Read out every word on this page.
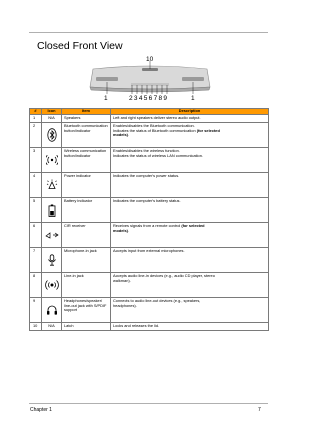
Closed Front View
10
1	23456789	1
#	Icon	Item	Description
1	N/A	Speakers	Left and right speakers deliver stereo audio output.

2		Bluetooth communication
button/indicator	Enables/disables the Bluetooth communication.
Indicates the status of Bluetooth communication (for selected
models).

3		Wireless communication
button/indicator	Enables/disables the wireless function.
Indicates the status of wireless LAN communication.

4		Power indicator	Indicates the computer's power status.

5		Battery indicator	Indicates the computer's battery status.

6		CIR receiver	Receives signals from a remote control (for selected
models).

7		Microphone-in jack	Accepts input from external microphones.

8		Line-in jack	Accepts audio line-in devices (e.g., audio CD player, stereo
walkman).

9		Headphones/speaker/
line-out jack with S/PDIF
support	Connects to audio line-out devices (e.g., speakers,
headphones).

10	N/A	Latch	Locks and releases the lid.
Chapter 1	7
